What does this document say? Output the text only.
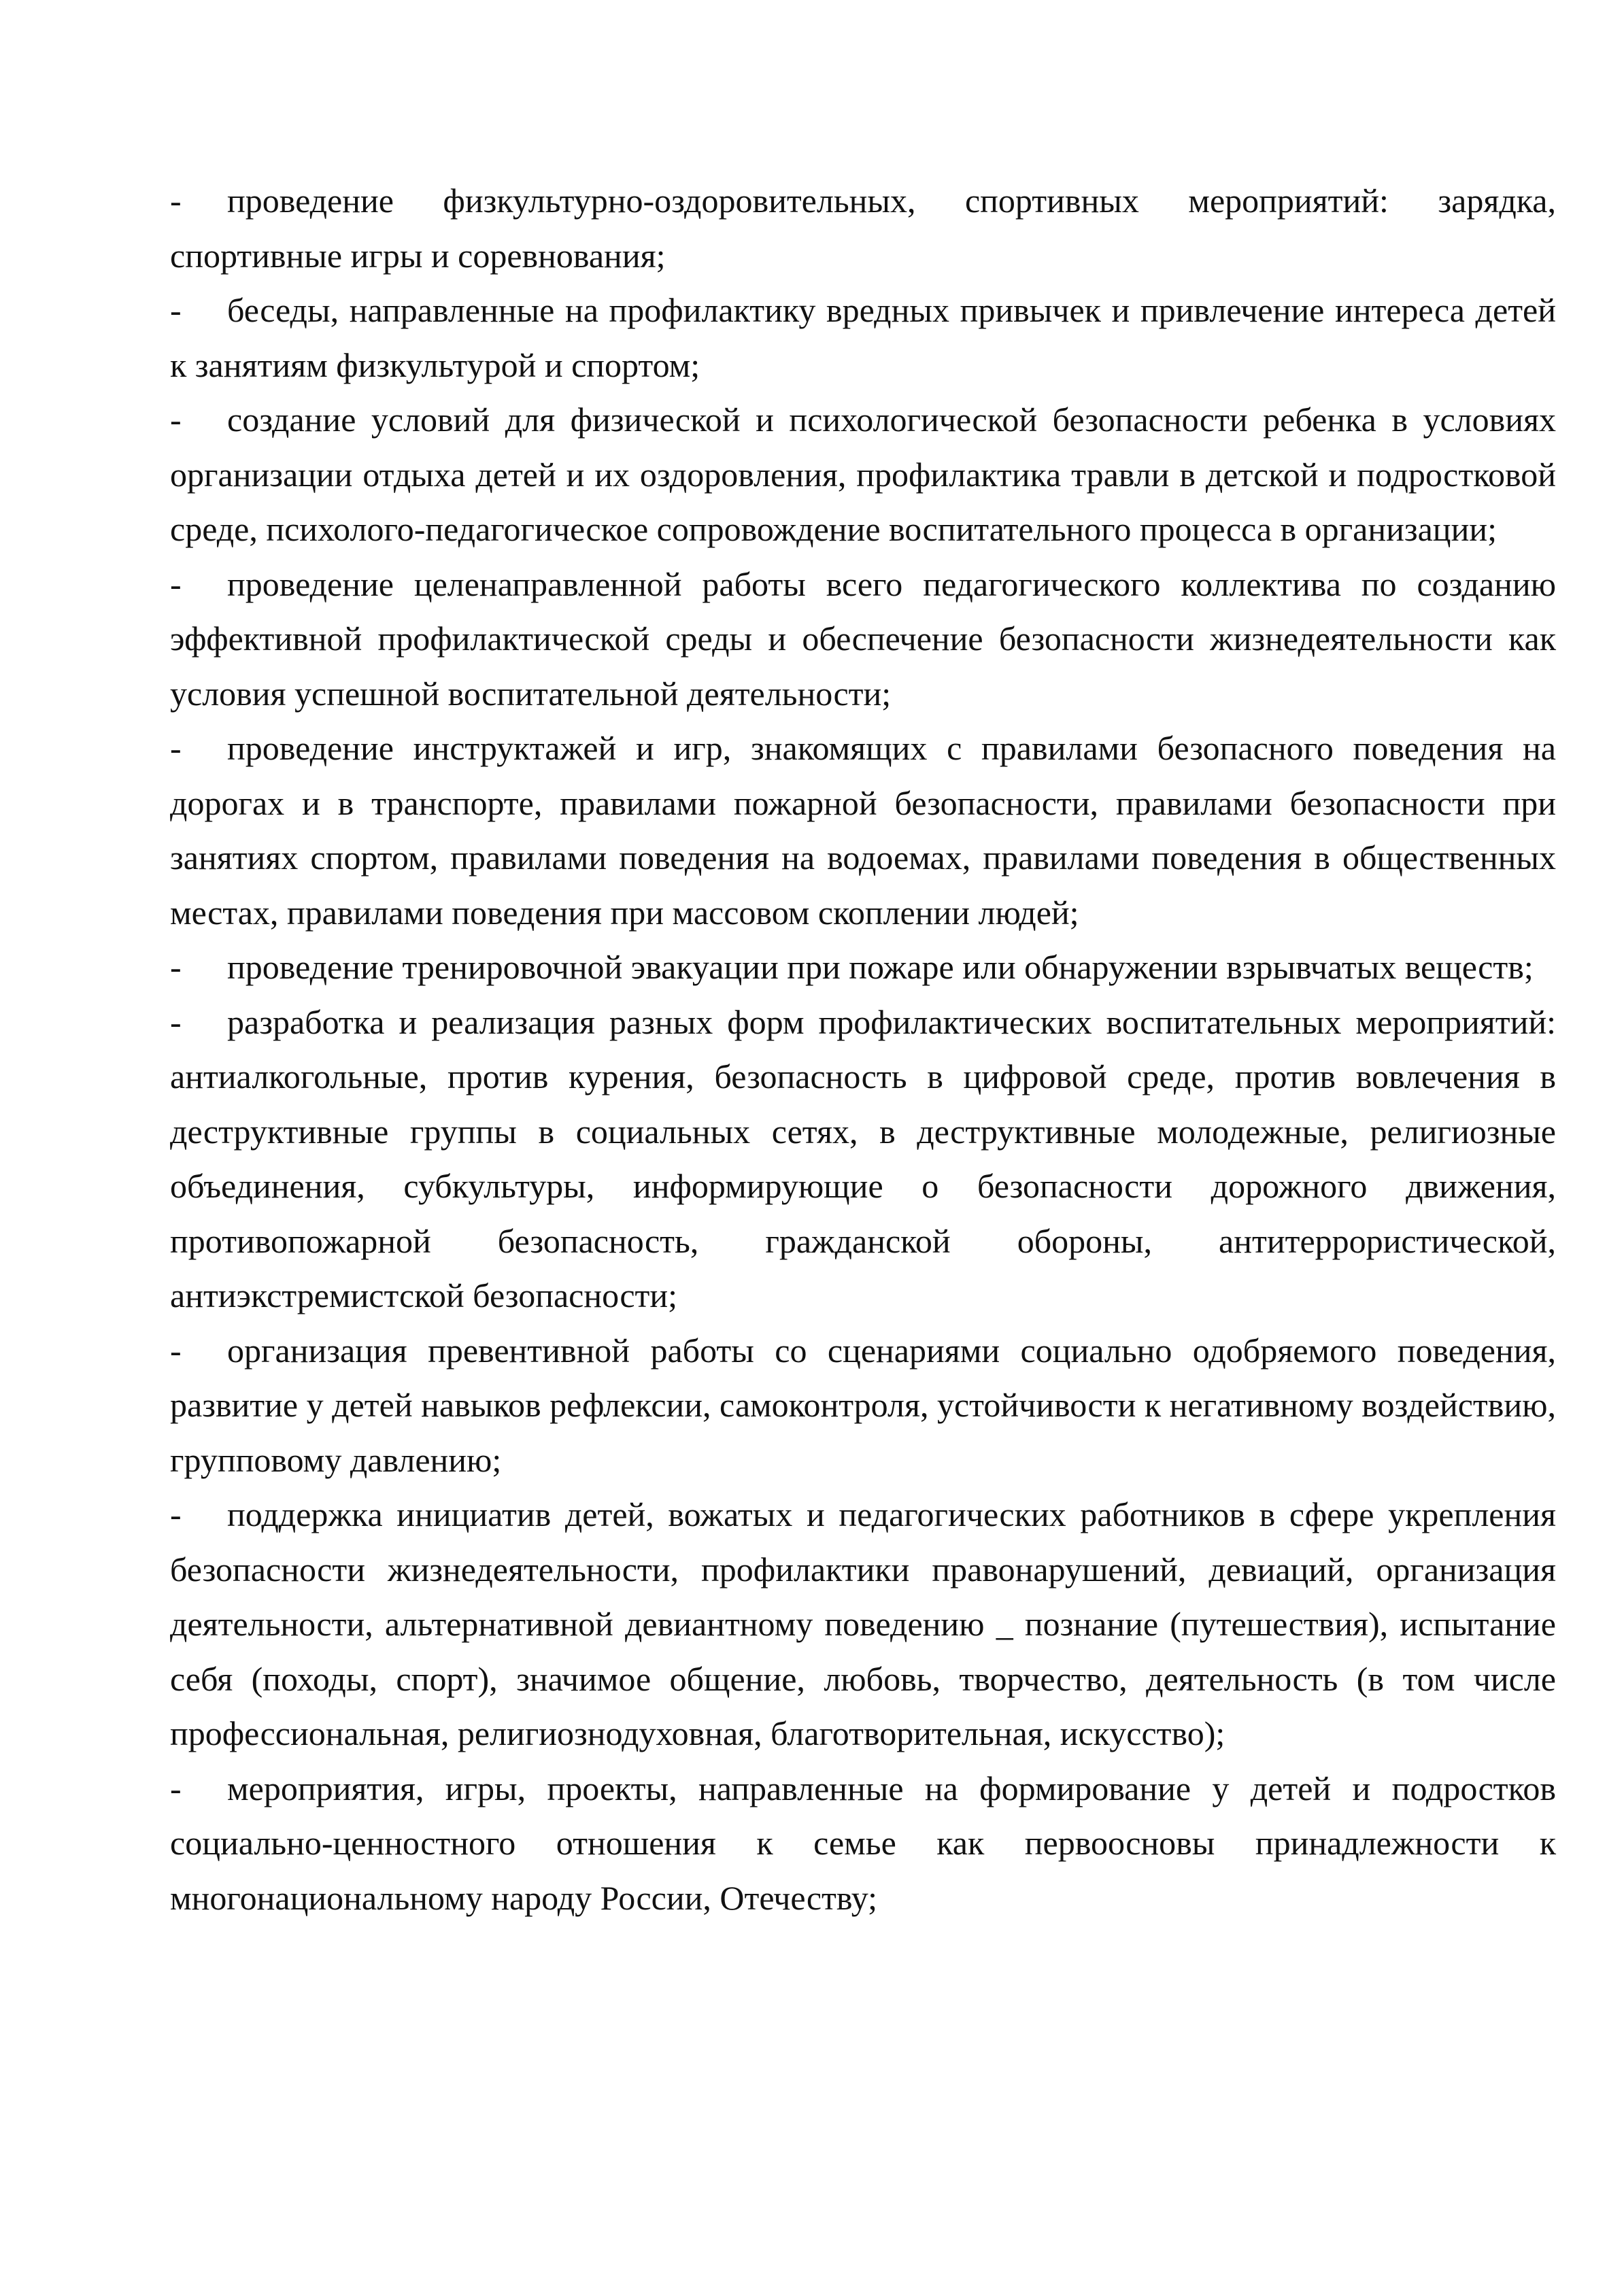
-	проведение физкультурно-оздоровительных, спортивных мероприятий: зарядка, спортивные игры и соревнования;
-	беседы, направленные на профилактику вредных привычек и привлечение интереса детей к занятиям физкультурой и спортом;
-	создание условий для физической и психологической безопасности ребенка в условиях организации отдыха детей и их оздоровления, профилактика травли в детской и подростковой среде, психолого-педагогическое сопровождение воспитательного процесса в организации;
-	проведение целенаправленной работы всего педагогического коллектива по созданию эффективной профилактической среды и обеспечение безопасности жизнедеятельности как условия успешной воспитательной деятельности;
-	проведение инструктажей и игр, знакомящих с правилами безопасного поведения на дорогах и в транспорте, правилами пожарной безопасности, правилами безопасности при занятиях спортом, правилами поведения на водоемах, правилами поведения в общественных местах, правилами поведения при массовом скоплении людей;
-	проведение тренировочной эвакуации при пожаре или обнаружении взрывчатых веществ;
-	разработка и реализация разных форм профилактических воспитательных мероприятий: антиалкогольные, против курения, безопасность в цифровой среде, против вовлечения в деструктивные группы в социальных сетях, в деструктивные молодежные, религиозные объединения, субкультуры, информирующие о безопасности дорожного движения, противопожарной безопасность, гражданской обороны, антитеррористической, антиэкстремистской безопасности;
-	организация превентивной работы со сценариями социально одобряемого поведения, развитие у детей навыков рефлексии, самоконтроля, устойчивости к негативному воздействию, групповому давлению;
-	поддержка инициатив детей, вожатых и педагогических работников в сфере укрепления безопасности жизнедеятельности, профилактики правонарушений, девиаций, организация деятельности, альтернативной девиантному поведению _ познание (путешествия), испытание себя (походы, спорт), значимое общение, любовь, творчество, деятельность (в том числе профессиональная, религиознодуховная, благотворительная, искусство);
-	мероприятия, игры, проекты, направленные на формирование у детей и подростков социально-ценностного отношения к семье как первоосновы принадлежности к многонациональному народу России, Отечеству;
